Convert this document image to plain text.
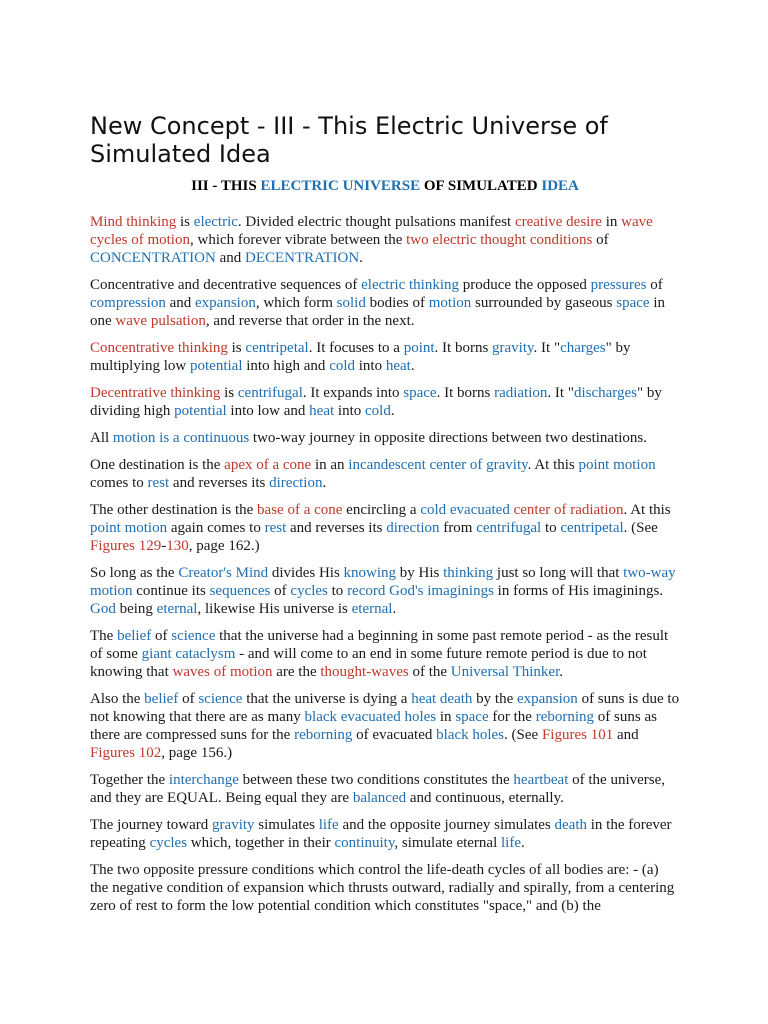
New Concept - III - This Electric Universe of Simulated Idea
III - THIS ELECTRIC UNIVERSE OF SIMULATED IDEA

Mind thinking is electric. Divided electric thought pulsations manifest creative desire in wave cycles of motion, which forever vibrate between the two electric thought conditions of CONCENTRATION and DECENTRATION.

Concentrative and decentrative sequences of electric thinking produce the opposed pressures of compression and expansion, which form solid bodies of motion surrounded by gaseous space in one wave pulsation, and reverse that order in the next.

Concentrative thinking is centripetal. It focuses to a point. It borns gravity. It "charges" by multiplying low potential into high and cold into heat.

Decentrative thinking is centrifugal. It expands into space. It borns radiation. It "discharges" by dividing high potential into low and heat into cold.

All motion is a continuous two-way journey in opposite directions between two destinations.

One destination is the apex of a cone in an incandescent center of gravity. At this point motion comes to rest and reverses its direction.

The other destination is the base of a cone encircling a cold evacuated center of radiation. At this point motion again comes to rest and reverses its direction from centrifugal to centripetal. (See Figures 129-130, page 162.)

So long as the Creator's Mind divides His knowing by His thinking just so long will that two-way motion continue its sequences of cycles to record God's imaginings in forms of His imaginings. God being eternal, likewise His universe is eternal.

The belief of science that the universe had a beginning in some past remote period - as the result of some giant cataclysm - and will come to an end in some future remote period is due to not knowing that waves of motion are the thought-waves of the Universal Thinker.

Also the belief of science that the universe is dying a heat death by the expansion of suns is due to not knowing that there are as many black evacuated holes in space for the reborning of suns as there are compressed suns for the reborning of evacuated black holes. (See Figures 101 and Figures 102, page 156.)

Together the interchange between these two conditions constitutes the heartbeat of the universe, and they are EQUAL. Being equal they are balanced and continuous, eternally.

The journey toward gravity simulates life and the opposite journey simulates death in the forever repeating cycles which, together in their continuity, simulate eternal life.

The two opposite pressure conditions which control the life-death cycles of all bodies are: - (a) the negative condition of expansion which thrusts outward, radially and spirally, from a centering zero of rest to form the low potential condition which constitutes "space," and (b) the
